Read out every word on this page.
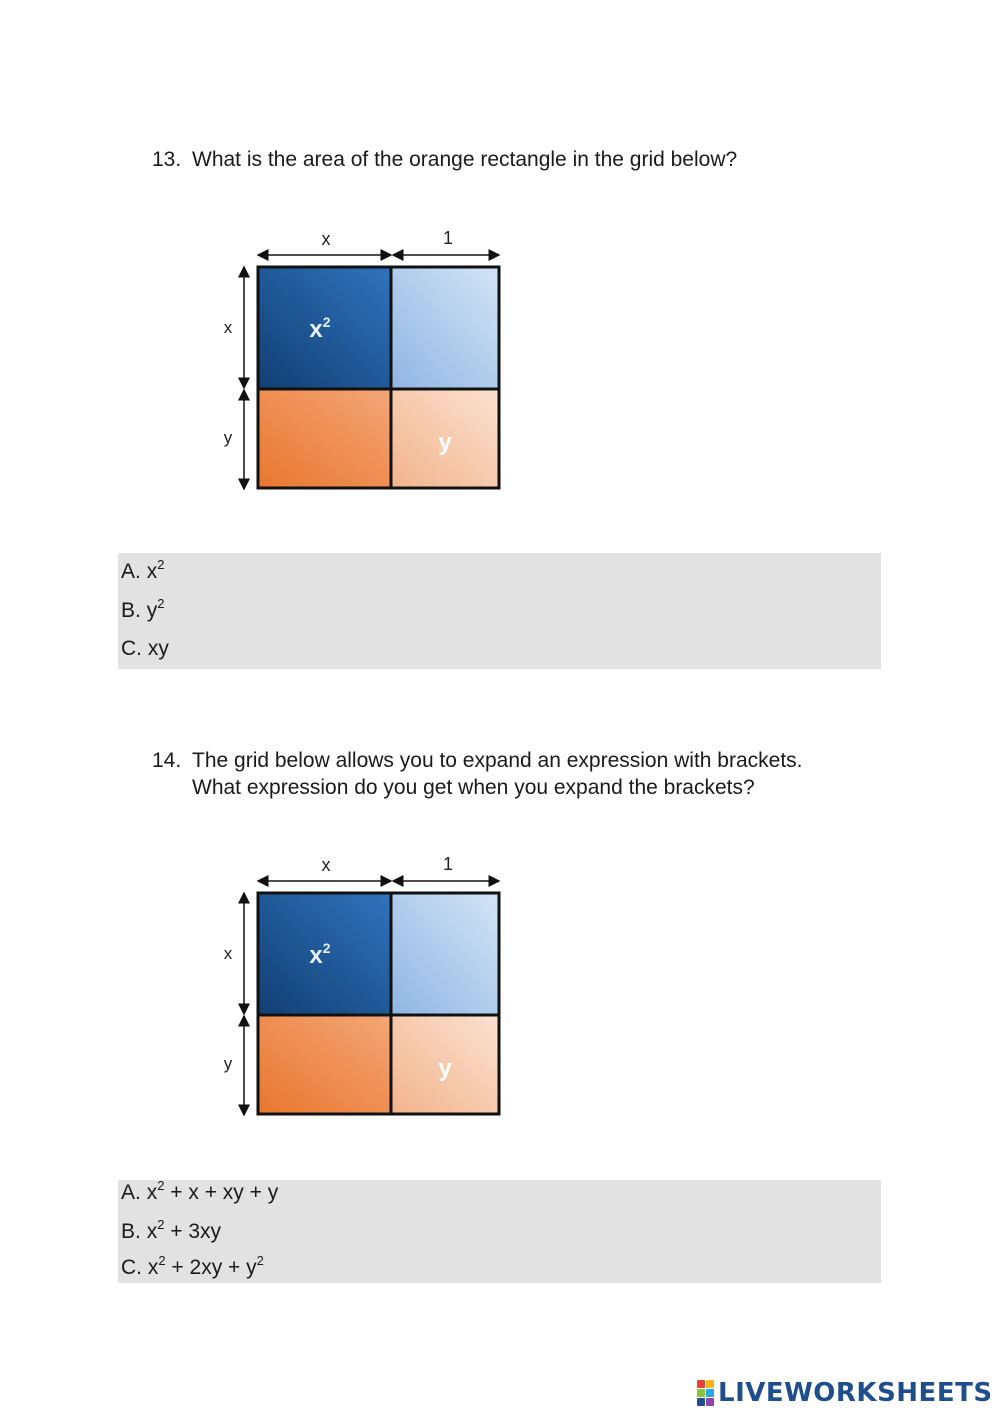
13. What is the area of the orange rectangle in the grid below?
x	1
x
y
$x^2$
y
A. $x^2$
B. $y^2$
C. xy
14. The grid below allows you to expand an expression with brackets.
What expression do you get when you expand the brackets?
x	1
x
y
$x^2$
y
A. $x^2 + x$ + xy + y
B. $x^2 + 3xy$
C. $x^2 + 2xy + y^2$
LIVEWORKSHEETS
